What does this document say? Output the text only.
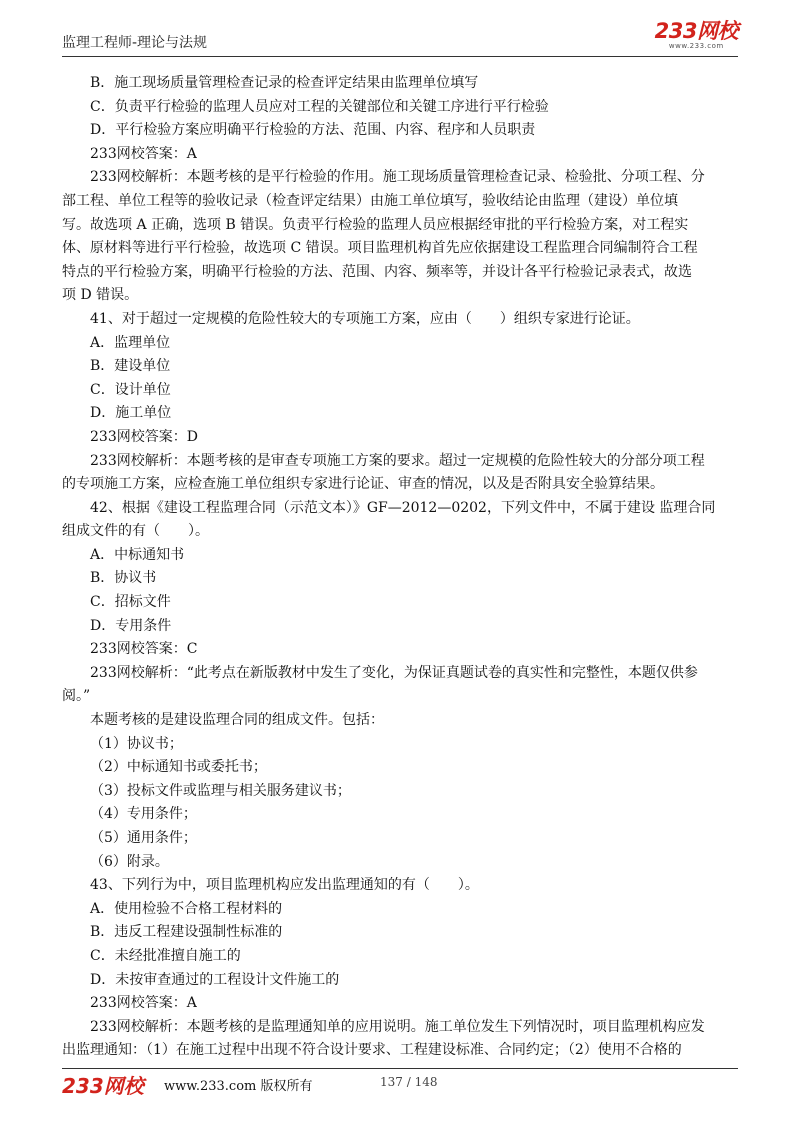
监理工程师-理论与法规	233网校
www.233.com
B．施工现场质量管理检查记录的检查评定结果由监理单位填写
C．负责平行检验的监理人员应对工程的关键部位和关键工序进行平行检验
D．平行检验方案应明确平行检验的方法、范围、内容、程序和人员职责
233网校答案：A
233网校解析：本题考核的是平行检验的作用。施工现场质量管理检查记录、检验批、分项工程、分
部工程、单位工程等的验收记录（检查评定结果）由施工单位填写，验收结论由监理（建设）单位填
写。故选项 A 正确，选项 B 错误。负责平行检验的监理人员应根据经审批的平行检验方案，对工程实
体、原材料等进行平行检验，故选项 C 错误。项目监理机构首先应依据建设工程监理合同编制符合工程
特点的平行检验方案，明确平行检验的方法、范围、内容、频率等，并设计各平行检验记录表式，故选
项 D 错误。
41、对于超过一定规模的危险性较大的专项施工方案，应由（　　）组织专家进行论证。
A．监理单位
B．建设单位
C．设计单位
D．施工单位
233网校答案：D
233网校解析：本题考核的是审查专项施工方案的要求。超过一定规模的危险性较大的分部分项工程
的专项施工方案，应检查施工单位组织专家进行论证、审查的情况，以及是否附具安全验算结果。
42、根据《建设工程监理合同（示范文本）》GF—2012—0202，下列文件中，不属于建设 监理合同
组成文件的有（　　）。
A．中标通知书
B．协议书
C．招标文件
D．专用条件
233网校答案：C
233网校解析：“此考点在新版教材中发生了变化，为保证真题试卷的真实性和完整性，本题仅供参
阅。”
本题考核的是建设监理合同的组成文件。包括：
（1）协议书；
（2）中标通知书或委托书；
（3）投标文件或监理与相关服务建议书；
（4）专用条件；
（5）通用条件；
（6）附录。
43、下列行为中，项目监理机构应发出监理通知的有（　　）。
A．使用检验不合格工程材料的
B．违反工程建设强制性标准的
C．未经批准擅自施工的
D．未按审查通过的工程设计文件施工的
233网校答案：A
233网校解析：本题考核的是监理通知单的应用说明。施工单位发生下列情况时，项目监理机构应发
出监理通知：（1）在施工过程中出现不符合设计要求、工程建设标准、合同约定；（2）使用不合格的
233网校 www.233.com 版权所有	137 / 148
